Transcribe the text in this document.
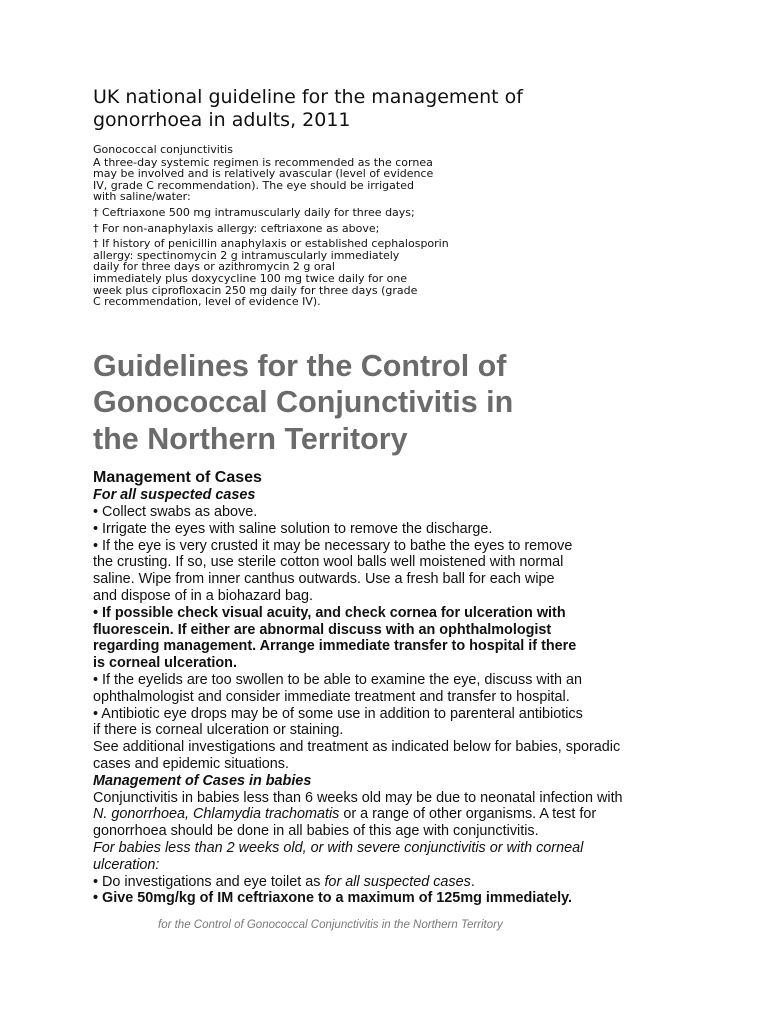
UK national guideline for the management of
gonorrhoea in adults, 2011
Gonococcal conjunctivitis
A three-day systemic regimen is recommended as the cornea
may be involved and is relatively avascular (level of evidence
IV, grade C recommendation). The eye should be irrigated
with saline/water:
† Ceftriaxone 500 mg intramuscularly daily for three days;
† For non-anaphylaxis allergy: ceftriaxone as above;
† If history of penicillin anaphylaxis or established cephalosporin
allergy: spectinomycin 2 g intramuscularly immediately
daily for three days or azithromycin 2 g oral
immediately plus doxycycline 100 mg twice daily for one
week plus ciprofloxacin 250 mg daily for three days (grade
C recommendation, level of evidence IV).
Guidelines for the Control of
Gonococcal Conjunctivitis in
the Northern Territory
Management of Cases
For all suspected cases
• Collect swabs as above.
• Irrigate the eyes with saline solution to remove the discharge.
• If the eye is very crusted it may be necessary to bathe the eyes to remove
the crusting. If so, use sterile cotton wool balls well moistened with normal
saline. Wipe from inner canthus outwards. Use a fresh ball for each wipe
and dispose of in a biohazard bag.
• If possible check visual acuity, and check cornea for ulceration with
fluorescein. If either are abnormal discuss with an ophthalmologist
regarding management. Arrange immediate transfer to hospital if there
is corneal ulceration.
• If the eyelids are too swollen to be able to examine the eye, discuss with an
ophthalmologist and consider immediate treatment and transfer to hospital.
• Antibiotic eye drops may be of some use in addition to parenteral antibiotics
if there is corneal ulceration or staining.
See additional investigations and treatment as indicated below for babies, sporadic
cases and epidemic situations.
Management of Cases in babies
Conjunctivitis in babies less than 6 weeks old may be due to neonatal infection with
N. gonorrhoea, Chlamydia trachomatis or a range of other organisms. A test for
gonorrhoea should be done in all babies of this age with conjunctivitis.
For babies less than 2 weeks old, or with severe conjunctivitis or with corneal
ulceration:
• Do investigations and eye toilet as for all suspected cases.
• Give 50mg/kg of IM ceftriaxone to a maximum of 125mg immediately.
for the Control of Gonococcal Conjunctivitis in the Northern Territory
